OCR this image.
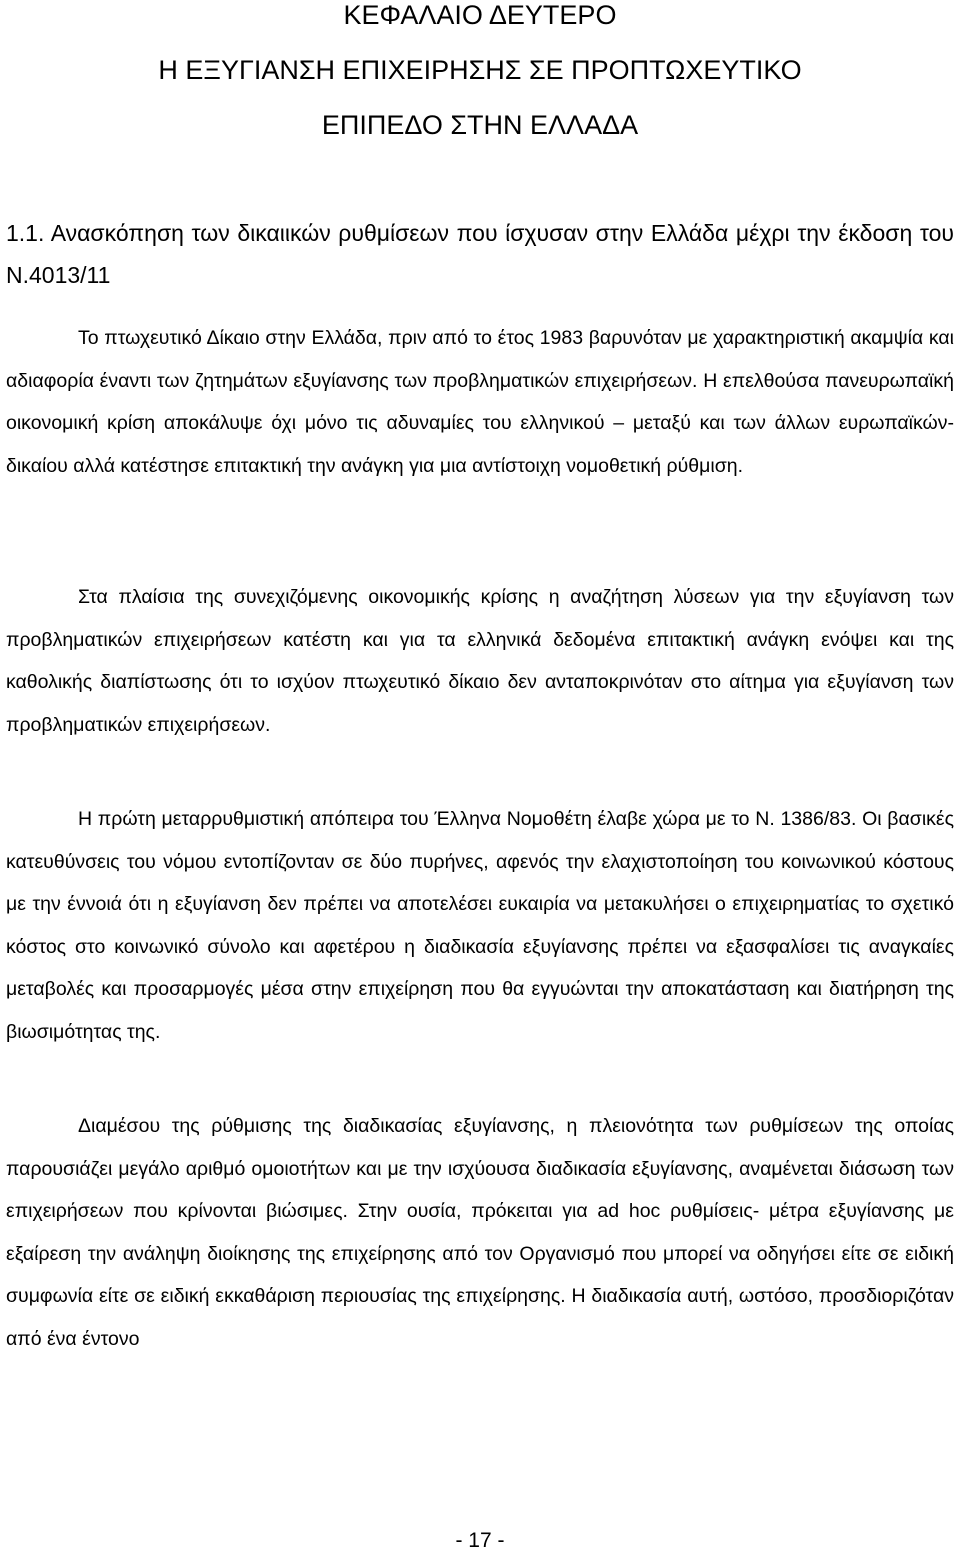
ΚΕΦΑΛΑΙΟ ΔΕΥΤΕΡΟ
Η ΕΞΥΓΙΑΝΣΗ ΕΠΙΧΕΙΡΗΣΗΣ ΣΕ ΠΡΟΠΤΩΧΕΥΤΙΚΟ
ΕΠΙΠΕΔΟ ΣΤΗΝ ΕΛΛΑΔΑ
1.1. Ανασκόπηση των δικαιικών ρυθμίσεων που ίσχυσαν στην Ελλάδα μέχρι την έκδοση του Ν.4013/11

Το πτωχευτικό Δίκαιο στην Ελλάδα, πριν από το έτος 1983 βαρυνόταν με χαρακτηριστική ακαμψία και αδιαφορία έναντι των ζητημάτων εξυγίανσης των προβληματικών επιχειρήσεων. Η επελθούσα πανευρωπαϊκή οικονομική κρίση αποκάλυψε όχι μόνο τις αδυναμίες του ελληνικού – μεταξύ και των άλλων ευρωπαϊκών- δικαίου αλλά κατέστησε επιτακτική την ανάγκη για μια αντίστοιχη νομοθετική ρύθμιση.

Στα πλαίσια της συνεχιζόμενης οικονομικής κρίσης η αναζήτηση λύσεων για την εξυγίανση των προβληματικών επιχειρήσεων κατέστη και για τα ελληνικά δεδομένα επιτακτική ανάγκη ενόψει και της καθολικής διαπίστωσης ότι το ισχύον πτωχευτικό δίκαιο δεν ανταποκρινόταν στο αίτημα για εξυγίανση των προβληματικών επιχειρήσεων.

Η πρώτη μεταρρυθμιστική απόπειρα του Έλληνα Νομοθέτη έλαβε χώρα με το Ν. 1386/83. Οι βασικές κατευθύνσεις του νόμου εντοπίζονταν σε δύο πυρήνες, αφενός την ελαχιστοποίηση του κοινωνικού κόστους με την έννοιά ότι η εξυγίανση δεν πρέπει να αποτελέσει ευκαιρία να μετακυλήσει ο επιχειρηματίας το σχετικό κόστος στο κοινωνικό σύνολο και αφετέρου η διαδικασία εξυγίανσης πρέπει να εξασφαλίσει τις αναγκαίες μεταβολές και προσαρμογές μέσα στην επιχείρηση που θα εγγυώνται την αποκατάσταση και διατήρηση της βιωσιμότητας της.

Διαμέσου της ρύθμισης της διαδικασίας εξυγίανσης, η πλειονότητα των ρυθμίσεων της οποίας παρουσιάζει μεγάλο αριθμό ομοιοτήτων και με την ισχύουσα διαδικασία εξυγίανσης, αναμένεται διάσωση των επιχειρήσεων που κρίνονται βιώσιμες. Στην ουσία, πρόκειται για ad hoc ρυθμίσεις- μέτρα εξυγίανσης με εξαίρεση την ανάληψη διοίκησης της επιχείρησης από τον Οργανισμό που μπορεί να οδηγήσει είτε σε ειδική συμφωνία είτε σε ειδική εκκαθάριση περιουσίας της επιχείρησης. Η διαδικασία αυτή, ωστόσο, προσδιοριζόταν από ένα έντονο

- 17 -
